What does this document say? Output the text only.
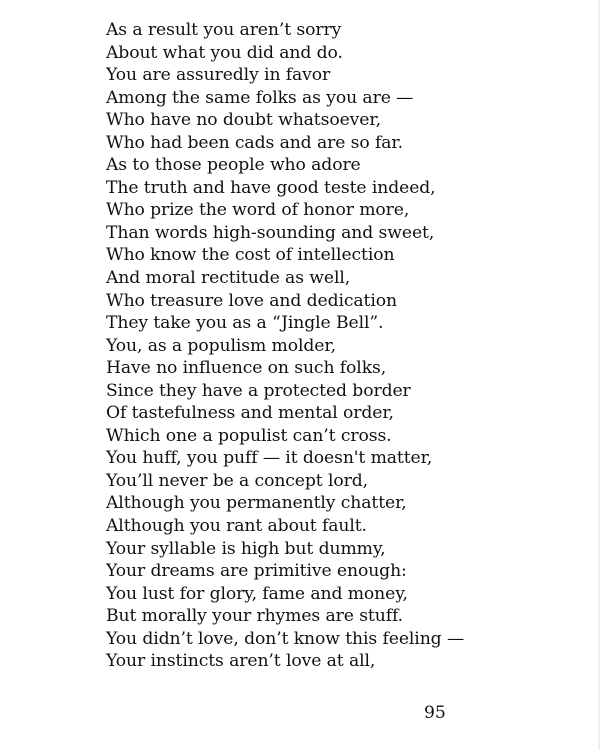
As a result you aren’t sorry
About what you did and do.
You are assuredly in favor
Among the same folks as you are —
Who have no doubt whatsoever,
Who had been cads and are so far.
As to those people who adore
The truth and have good teste indeed,
Who prize the word of honor more,
Than words high-sounding and sweet,
Who know the cost of intellection
And moral rectitude as well,
Who treasure love and dedication
They take you as a “Jingle Bell”.
You, as a populism molder,
Have no influence on such folks,
Since they have a protected border
Of tastefulness and mental order,
Which one a populist can’t cross.
You huff, you puff — it doesn't matter,
You’ll never be a concept lord,
Although you permanently chatter,
Although you rant about fault.
Your syllable is high but dummy,
Your dreams are primitive enough:
You lust for glory, fame and money,
But morally your rhymes are stuff.
You didn’t love, don’t know this feeling —
Your instincts aren’t love at all,
95
